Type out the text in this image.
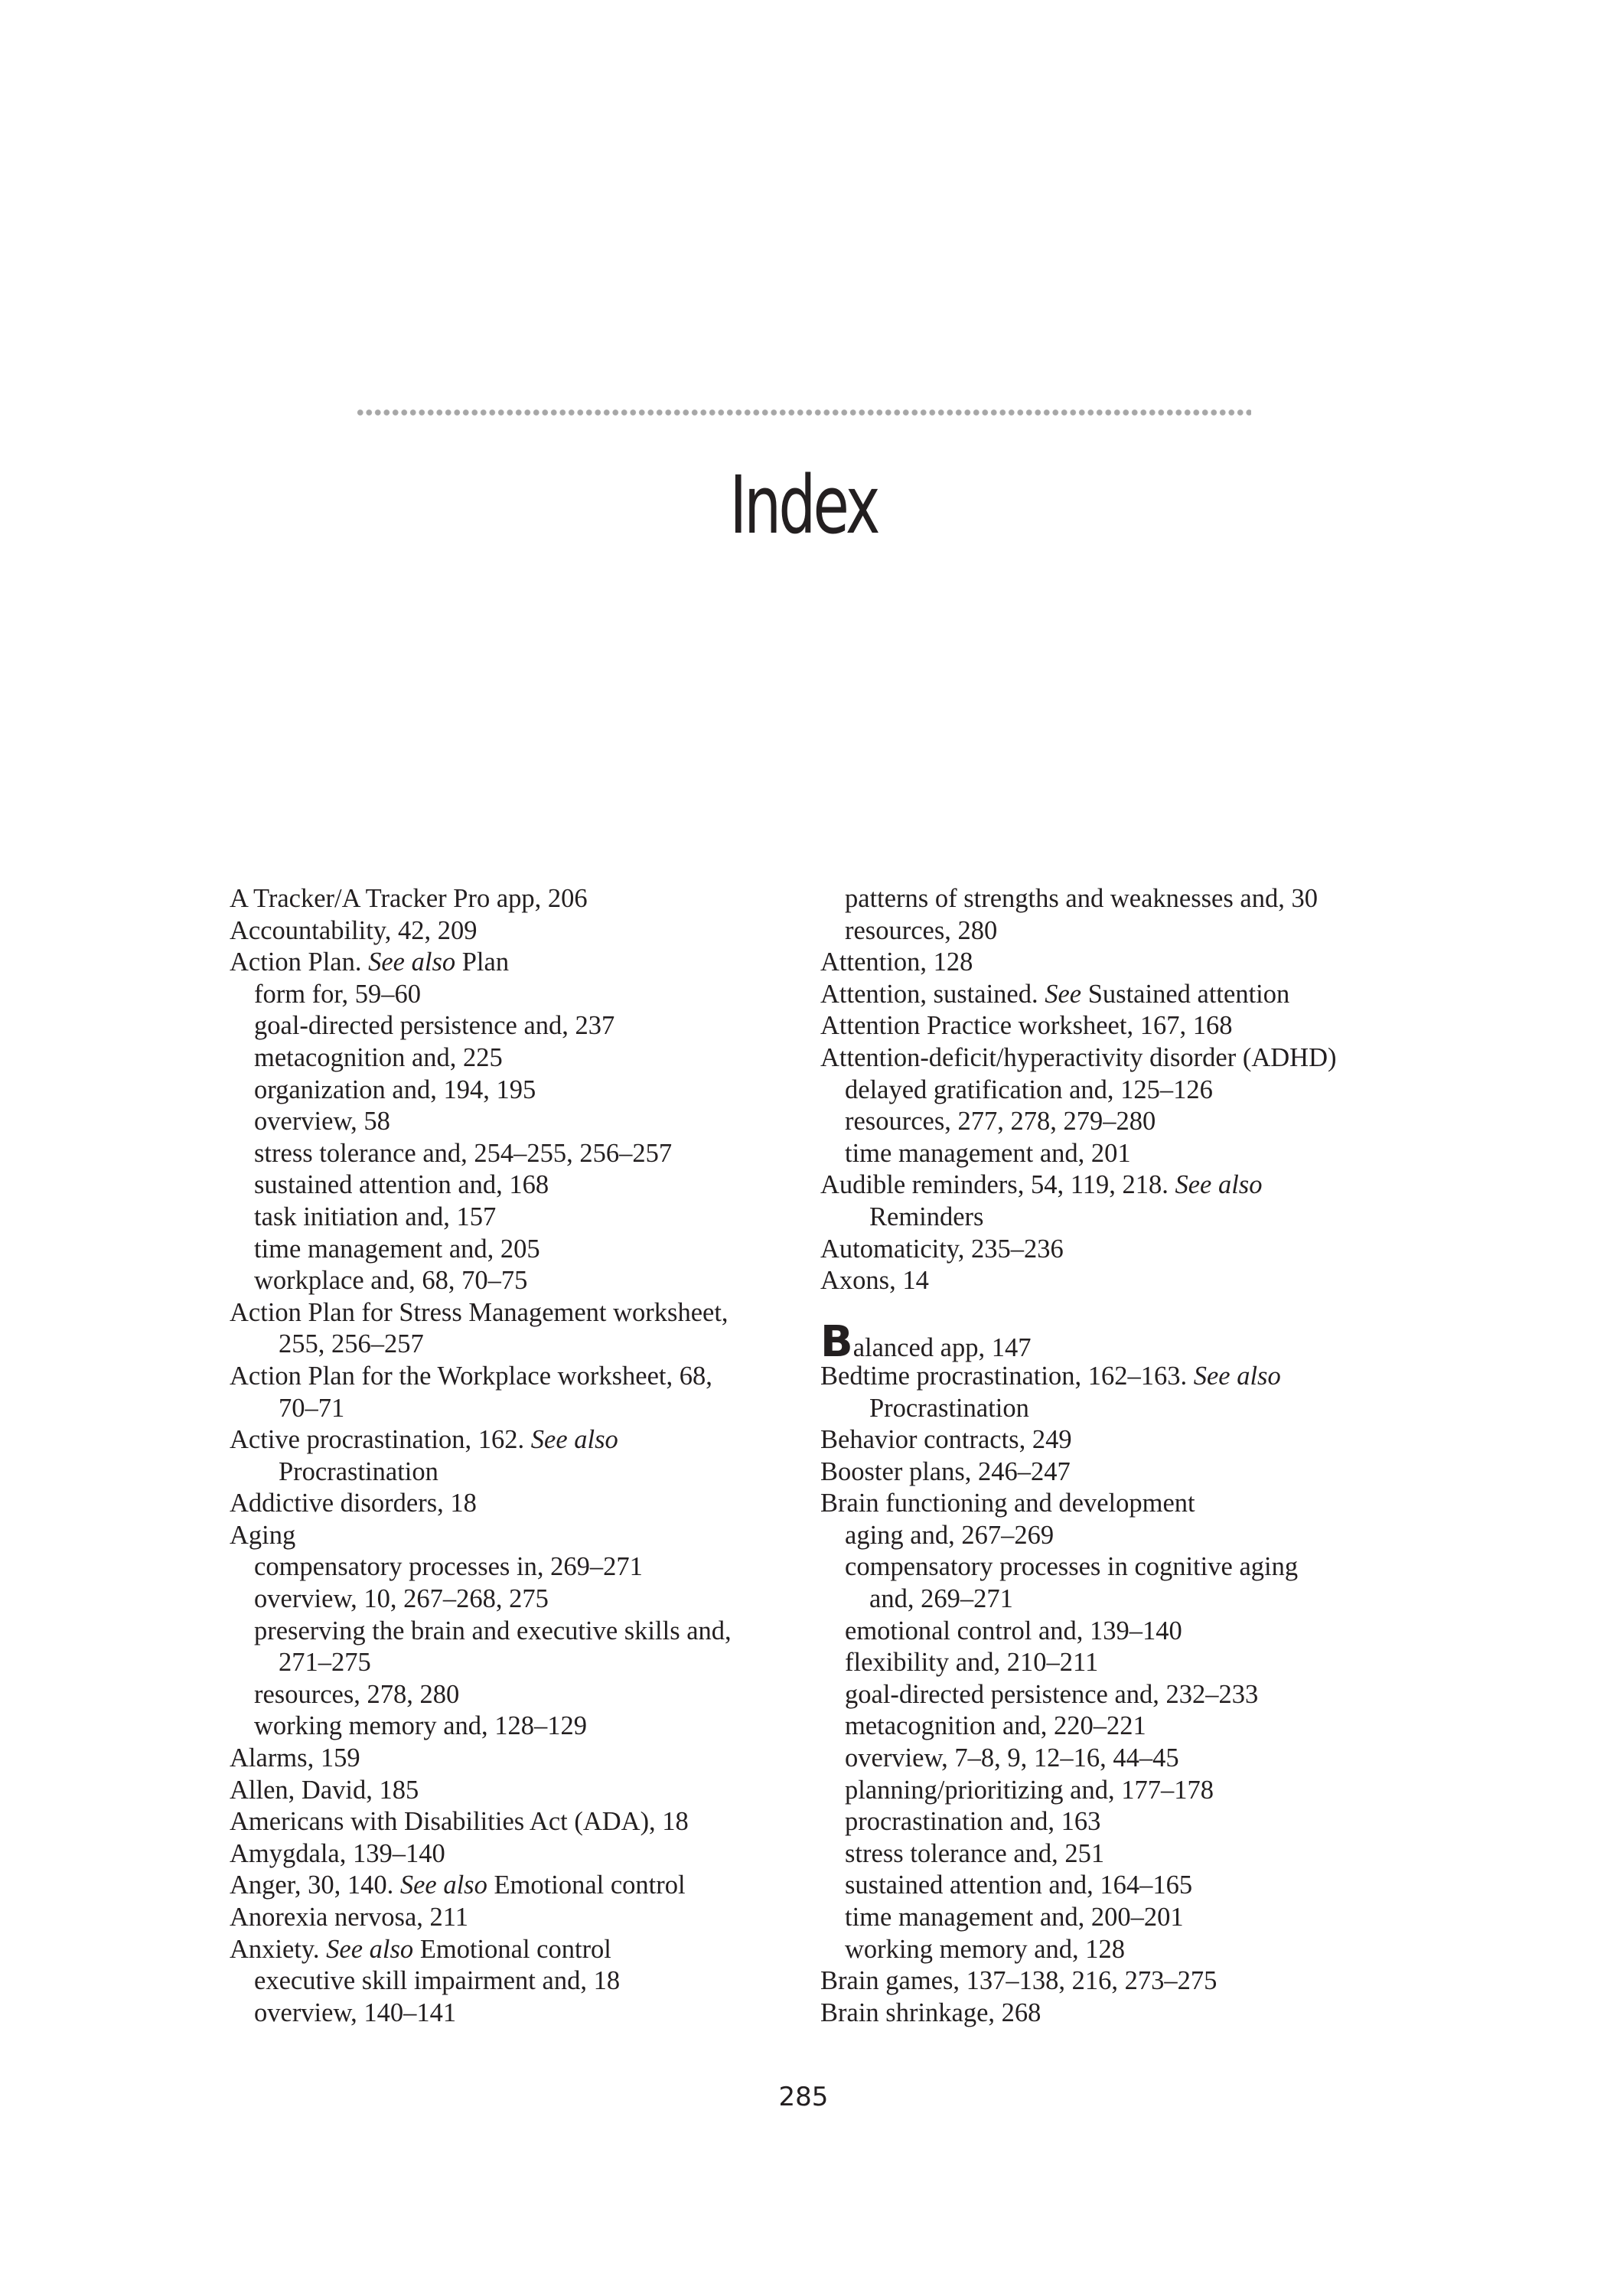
Index
A Tracker/A Tracker Pro app, 206
Accountability, 42, 209
Action Plan. See also Plan
form for, 59–60
goal-directed persistence and, 237
metacognition and, 225
organization and, 194, 195
overview, 58
stress tolerance and, 254–255, 256–257
sustained attention and, 168
task initiation and, 157
time management and, 205
workplace and, 68, 70–75
Action Plan for Stress Management worksheet,
255, 256–257
Action Plan for the Workplace worksheet, 68,
70–71
Active procrastination, 162. See also
Procrastination
Addictive disorders, 18
Aging
compensatory processes in, 269–271
overview, 10, 267–268, 275
preserving the brain and executive skills and,
271–275
resources, 278, 280
working memory and, 128–129
Alarms, 159
Allen, David, 185
Americans with Disabilities Act (ADA), 18
Amygdala, 139–140
Anger, 30, 140. See also Emotional control
Anorexia nervosa, 211
Anxiety. See also Emotional control
executive skill impairment and, 18
overview, 140–141
patterns of strengths and weaknesses and, 30
resources, 280
Attention, 128
Attention, sustained. See Sustained attention
Attention Practice worksheet, 167, 168
Attention-deficit/hyperactivity disorder (ADHD)
delayed gratification and, 125–126
resources, 277, 278, 279–280
time management and, 201
Audible reminders, 54, 119, 218. See also
Reminders
Automaticity, 235–236
Axons, 14
Balanced app, 147
Bedtime procrastination, 162–163. See also
Procrastination
Behavior contracts, 249
Booster plans, 246–247
Brain functioning and development
aging and, 267–269
compensatory processes in cognitive aging
and, 269–271
emotional control and, 139–140
flexibility and, 210–211
goal-directed persistence and, 232–233
metacognition and, 220–221
overview, 7–8, 9, 12–16, 44–45
planning/prioritizing and, 177–178
procrastination and, 163
stress tolerance and, 251
sustained attention and, 164–165
time management and, 200–201
working memory and, 128
Brain games, 137–138, 216, 273–275
Brain shrinkage, 268
285
